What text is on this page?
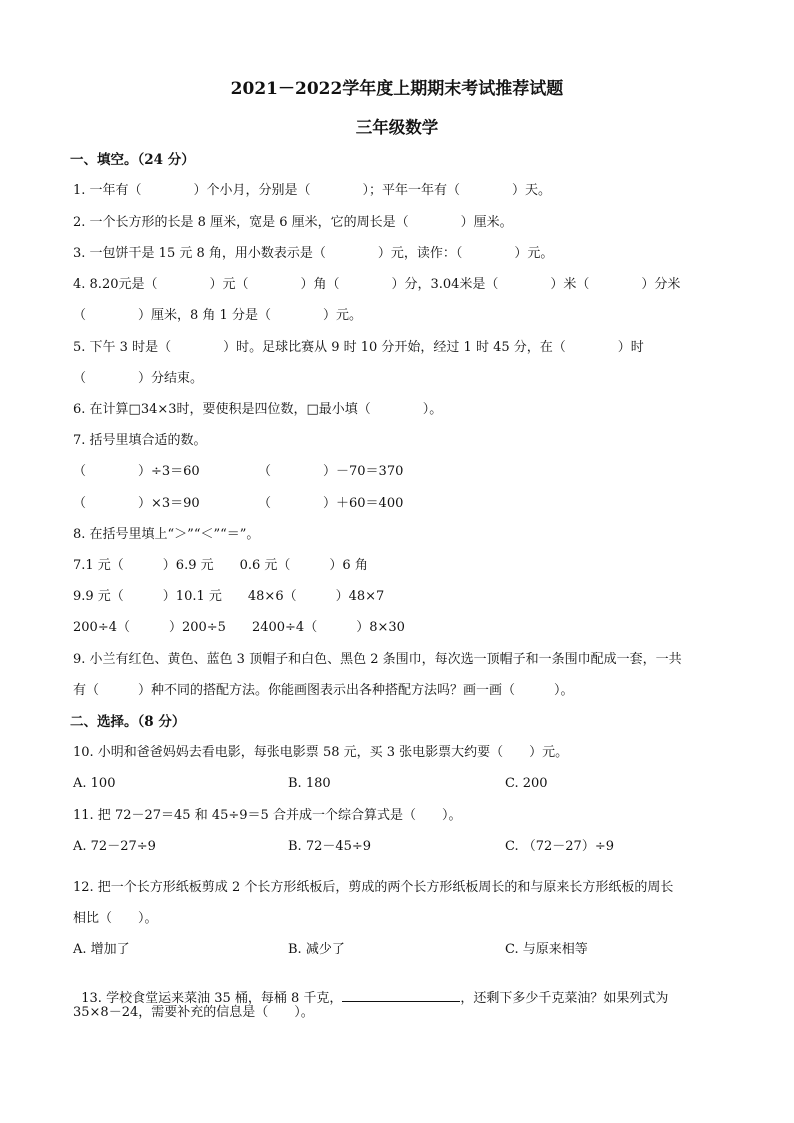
2021－2022学年度上期期末考试推荐试题
三年级数学
一、填空。（24 分）
1. 一年有（　　　　）个小月，分别是（　　　　）；平年一年有（　　　　）天。
2. 一个长方形的长是 8 厘米，宽是 6 厘米，它的周长是（　　　　）厘米。
3. 一包饼干是 15 元 8 角，用小数表示是（　　　　）元，读作：（　　　　）元。
4. 8.20元是（　　　　）元（　　　　）角（　　　　）分，3.04米是（　　　　）米（　　　　）分米
（　　　　）厘米，8 角 1 分是（　　　　）元。
5. 下午 3 时是（　　　　）时。足球比赛从 9 时 10 分开始，经过 1 时 45 分，在（　　　　）时
（　　　　）分结束。
6. 在计算□34×3时，要使积是四位数，□最小填（　　　　）。
7. 括号里填合适的数。
（　　　　）÷3＝60	（　　　　）－70＝370
（　　　　）×3＝90	（　　　　）＋60＝400
8. 在括号里填上“＞”“＜”“＝”。
7.1 元（　　　）6.9 元　　0.6 元（　　　）6 角
9.9 元（　　　）10.1 元　　48×6（　　　）48×7
200÷4（　　　）200÷5　　2400÷4（　　　）8×30
9. 小兰有红色、黄色、蓝色 3 顶帽子和白色、黑色 2 条围巾，每次选一顶帽子和一条围巾配成一套，一共
有（　　　）种不同的搭配方法。你能画图表示出各种搭配方法吗？画一画（　　　）。
二、选择。（8 分）
10. 小明和爸爸妈妈去看电影，每张电影票 58 元，买 3 张电影票大约要（　　）元。
A. 100	B. 180	C. 200
11. 把 72－27＝45 和 45÷9＝5 合并成一个综合算式是（　　）。
A. 72－27÷9	B. 72－45÷9	C. （72－27）÷9
12. 把一个长方形纸板剪成 2 个长方形纸板后，剪成的两个长方形纸板周长的和与原来长方形纸板的周长
相比（　　）。
A. 增加了	B. 减少了	C. 与原来相等

13. 学校食堂运来菜油 35 桶，每桶 8 千克，	，还剩下多少千克菜油？如果列式为

35×8－24，需要补充的信息是（　　）。
